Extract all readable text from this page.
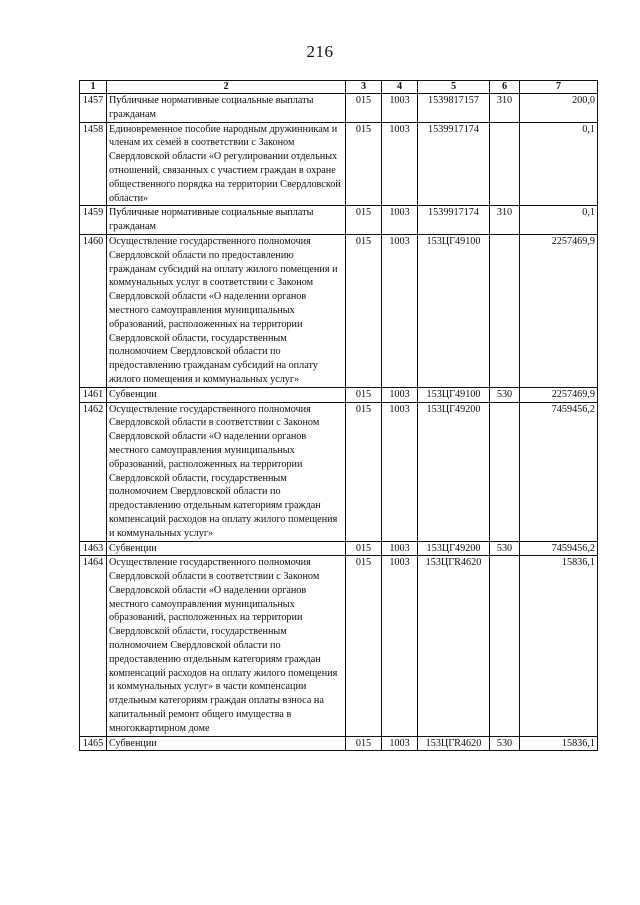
216
1	2	3	4	5	6	7
1457	Публичные нормативные социальные выплаты гражданам	015	1003	1539817157	310	200,0

1458	Единовременное пособие народным дружинникам и членам их семей в соответствии с Законом Свердловской области «О регулировании отдельных отношений, связанных с участием граждан в охране общественного порядка на территории Свердловской области»	015	1003	1539917174		0,1

1459	Публичные нормативные социальные выплаты гражданам	015	1003	1539917174	310	0,1

1460	Осуществление государственного полномочия Свердловской области по предоставлению гражданам субсидий на оплату жилого помещения и коммунальных услуг в соответствии с Законом Свердловской области «О наделении органов местного самоуправления муниципальных образований, расположенных на территории Свердловской области, государственным полномочием Свердловской области по предоставлению гражданам субсидий на оплату жилого помещения и коммунальных услуг»	015	1003	153ЦГ49100		2257469,9

1461	Субвенции	015	1003	153ЦГ49100	530	2257469,9

1462	Осуществление государственного полномочия Свердловской области в соответствии с Законом Свердловской области «О наделении органов местного самоуправления муниципальных образований, расположенных на территории Свердловской области, государственным полномочием Свердловской области по предоставлению отдельным категориям граждан компенсаций расходов на оплату жилого помещения и коммунальных услуг»	015	1003	153ЦГ49200		7459456,2

1463	Субвенции	015	1003	153ЦГ49200	530	7459456,2

1464	Осуществление государственного полномочия Свердловской области в соответствии с Законом Свердловской области «О наделении органов местного самоуправления муниципальных образований, расположенных на территории Свердловской области, государственным полномочием Свердловской области по предоставлению отдельным категориям граждан компенсаций расходов на оплату жилого помещения и коммунальных услуг» в части компенсации отдельным категориям граждан оплаты взноса на капитальный ремонт общего имущества в многоквартирном доме	015	1003	153ЦГR4620		15836,1

1465	Субвенции	015	1003	153ЦГR4620	530	15836,1
